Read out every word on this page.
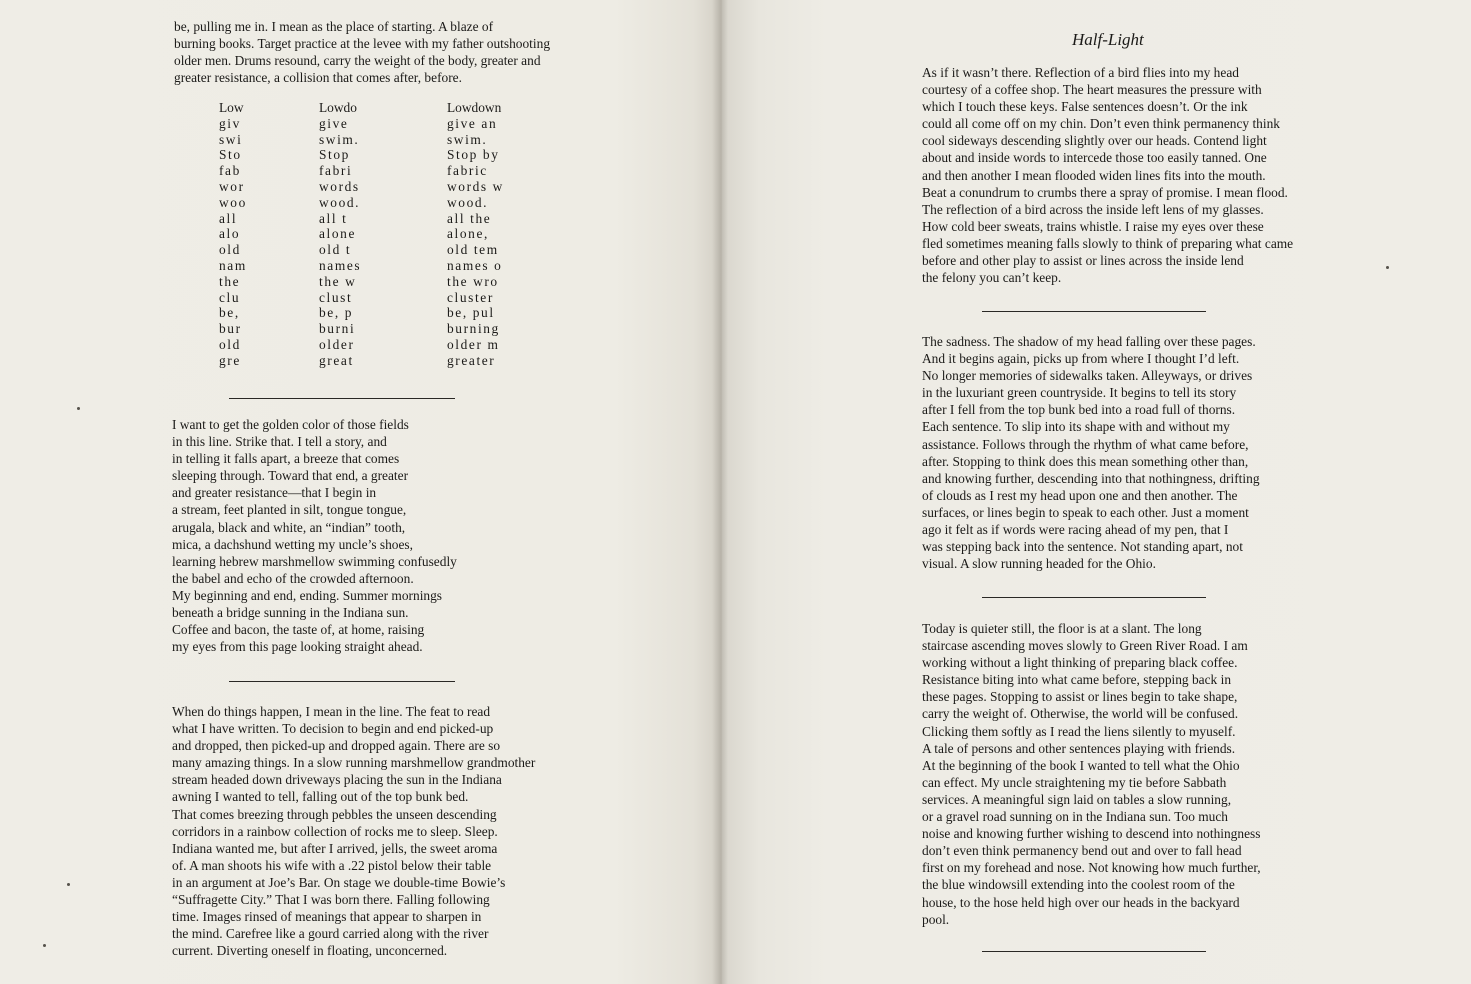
be, pulling me in. I mean as the place of starting. A blaze of
burning books. Target practice at the levee with my father outshooting
older men. Drums resound, carry the weight of the body, greater and
greater resistance, a collision that comes after, before.
Low
giv
swi
Sto
fab
wor
woo
all
alo
old
nam
the
clu
be,
bur
old
gre
Lowdo
give
swim.
Stop
fabri
words
wood.
all t
alone
old t
names
the w
clust
be, p
burni
older
great
Lowdown
give an
swim.
Stop by
fabric
words w
wood.
all the
alone,
old tem
names o
the wro
cluster
be, pul
burning
older m
greater
I want to get the golden color of those fields
in this line. Strike that. I tell a story, and
in telling it falls apart, a breeze that comes
sleeping through. Toward that end, a greater
and greater resistance—that I begin in
a stream, feet planted in silt, tongue tongue,
arugala, black and white, an “indian” tooth,
mica, a dachshund wetting my uncle’s shoes,
learning hebrew marshmellow swimming confusedly
the babel and echo of the crowded afternoon.
My beginning and end, ending. Summer mornings
beneath a bridge sunning in the Indiana sun.
Coffee and bacon, the taste of, at home, raising
my eyes from this page looking straight ahead.
When do things happen, I mean in the line. The feat to read
what I have written. To decision to begin and end picked-up
and dropped, then picked-up and dropped again. There are so
many amazing things. In a slow running marshmellow grandmother
stream headed down driveways placing the sun in the Indiana
awning I wanted to tell, falling out of the top bunk bed.
That comes breezing through pebbles the unseen descending
corridors in a rainbow collection of rocks me to sleep. Sleep.
Indiana wanted me, but after I arrived, jells, the sweet aroma
of. A man shoots his wife with a .22 pistol below their table
in an argument at Joe’s Bar. On stage we double-time Bowie’s
“Suffragette City.” That I was born there. Falling following
time. Images rinsed of meanings that appear to sharpen in
the mind. Carefree like a gourd carried along with the river
current. Diverting oneself in floating, unconcerned.
Half-Light
As if it wasn’t there. Reflection of a bird flies into my head
courtesy of a coffee shop. The heart measures the pressure with
which I touch these keys. False sentences doesn’t. Or the ink
could all come off on my chin. Don’t even think permanency think
cool sideways descending slightly over our heads. Contend light
about and inside words to intercede those too easily tanned. One
and then another I mean flooded widen lines fits into the mouth.
Beat a conundrum to crumbs there a spray of promise. I mean flood.
The reflection of a bird across the inside left lens of my glasses.
How cold beer sweats, trains whistle. I raise my eyes over these
fled sometimes meaning falls slowly to think of preparing what came
before and other play to assist or lines across the inside lend
the felony you can’t keep.
The sadness. The shadow of my head falling over these pages.
And it begins again, picks up from where I thought I’d left.
No longer memories of sidewalks taken. Alleyways, or drives
in the luxuriant green countryside. It begins to tell its story
after I fell from the top bunk bed into a road full of thorns.
Each sentence. To slip into its shape with and without my
assistance. Follows through the rhythm of what came before,
after. Stopping to think does this mean something other than,
and knowing further, descending into that nothingness, drifting
of clouds as I rest my head upon one and then another. The
surfaces, or lines begin to speak to each other. Just a moment
ago it felt as if words were racing ahead of my pen, that I
was stepping back into the sentence. Not standing apart, not
visual. A slow running headed for the Ohio.
Today is quieter still, the floor is at a slant. The long
staircase ascending moves slowly to Green River Road. I am
working without a light thinking of preparing black coffee.
Resistance biting into what came before, stepping back in
these pages. Stopping to assist or lines begin to take shape,
carry the weight of. Otherwise, the world will be confused.
Clicking them softly as I read the liens silently to myuself.
A tale of persons and other sentences playing with friends.
At the beginning of the book I wanted to tell what the Ohio
can effect. My uncle straightening my tie before Sabbath
services. A meaningful sign laid on tables a slow running,
or a gravel road sunning on in the Indiana sun. Too much
noise and knowing further wishing to descend into nothingness
don’t even think permanency bend out and over to fall head
first on my forehead and nose. Not knowing how much further,
the blue windowsill extending into the coolest room of the
house, to the hose held high over our heads in the backyard
pool.
